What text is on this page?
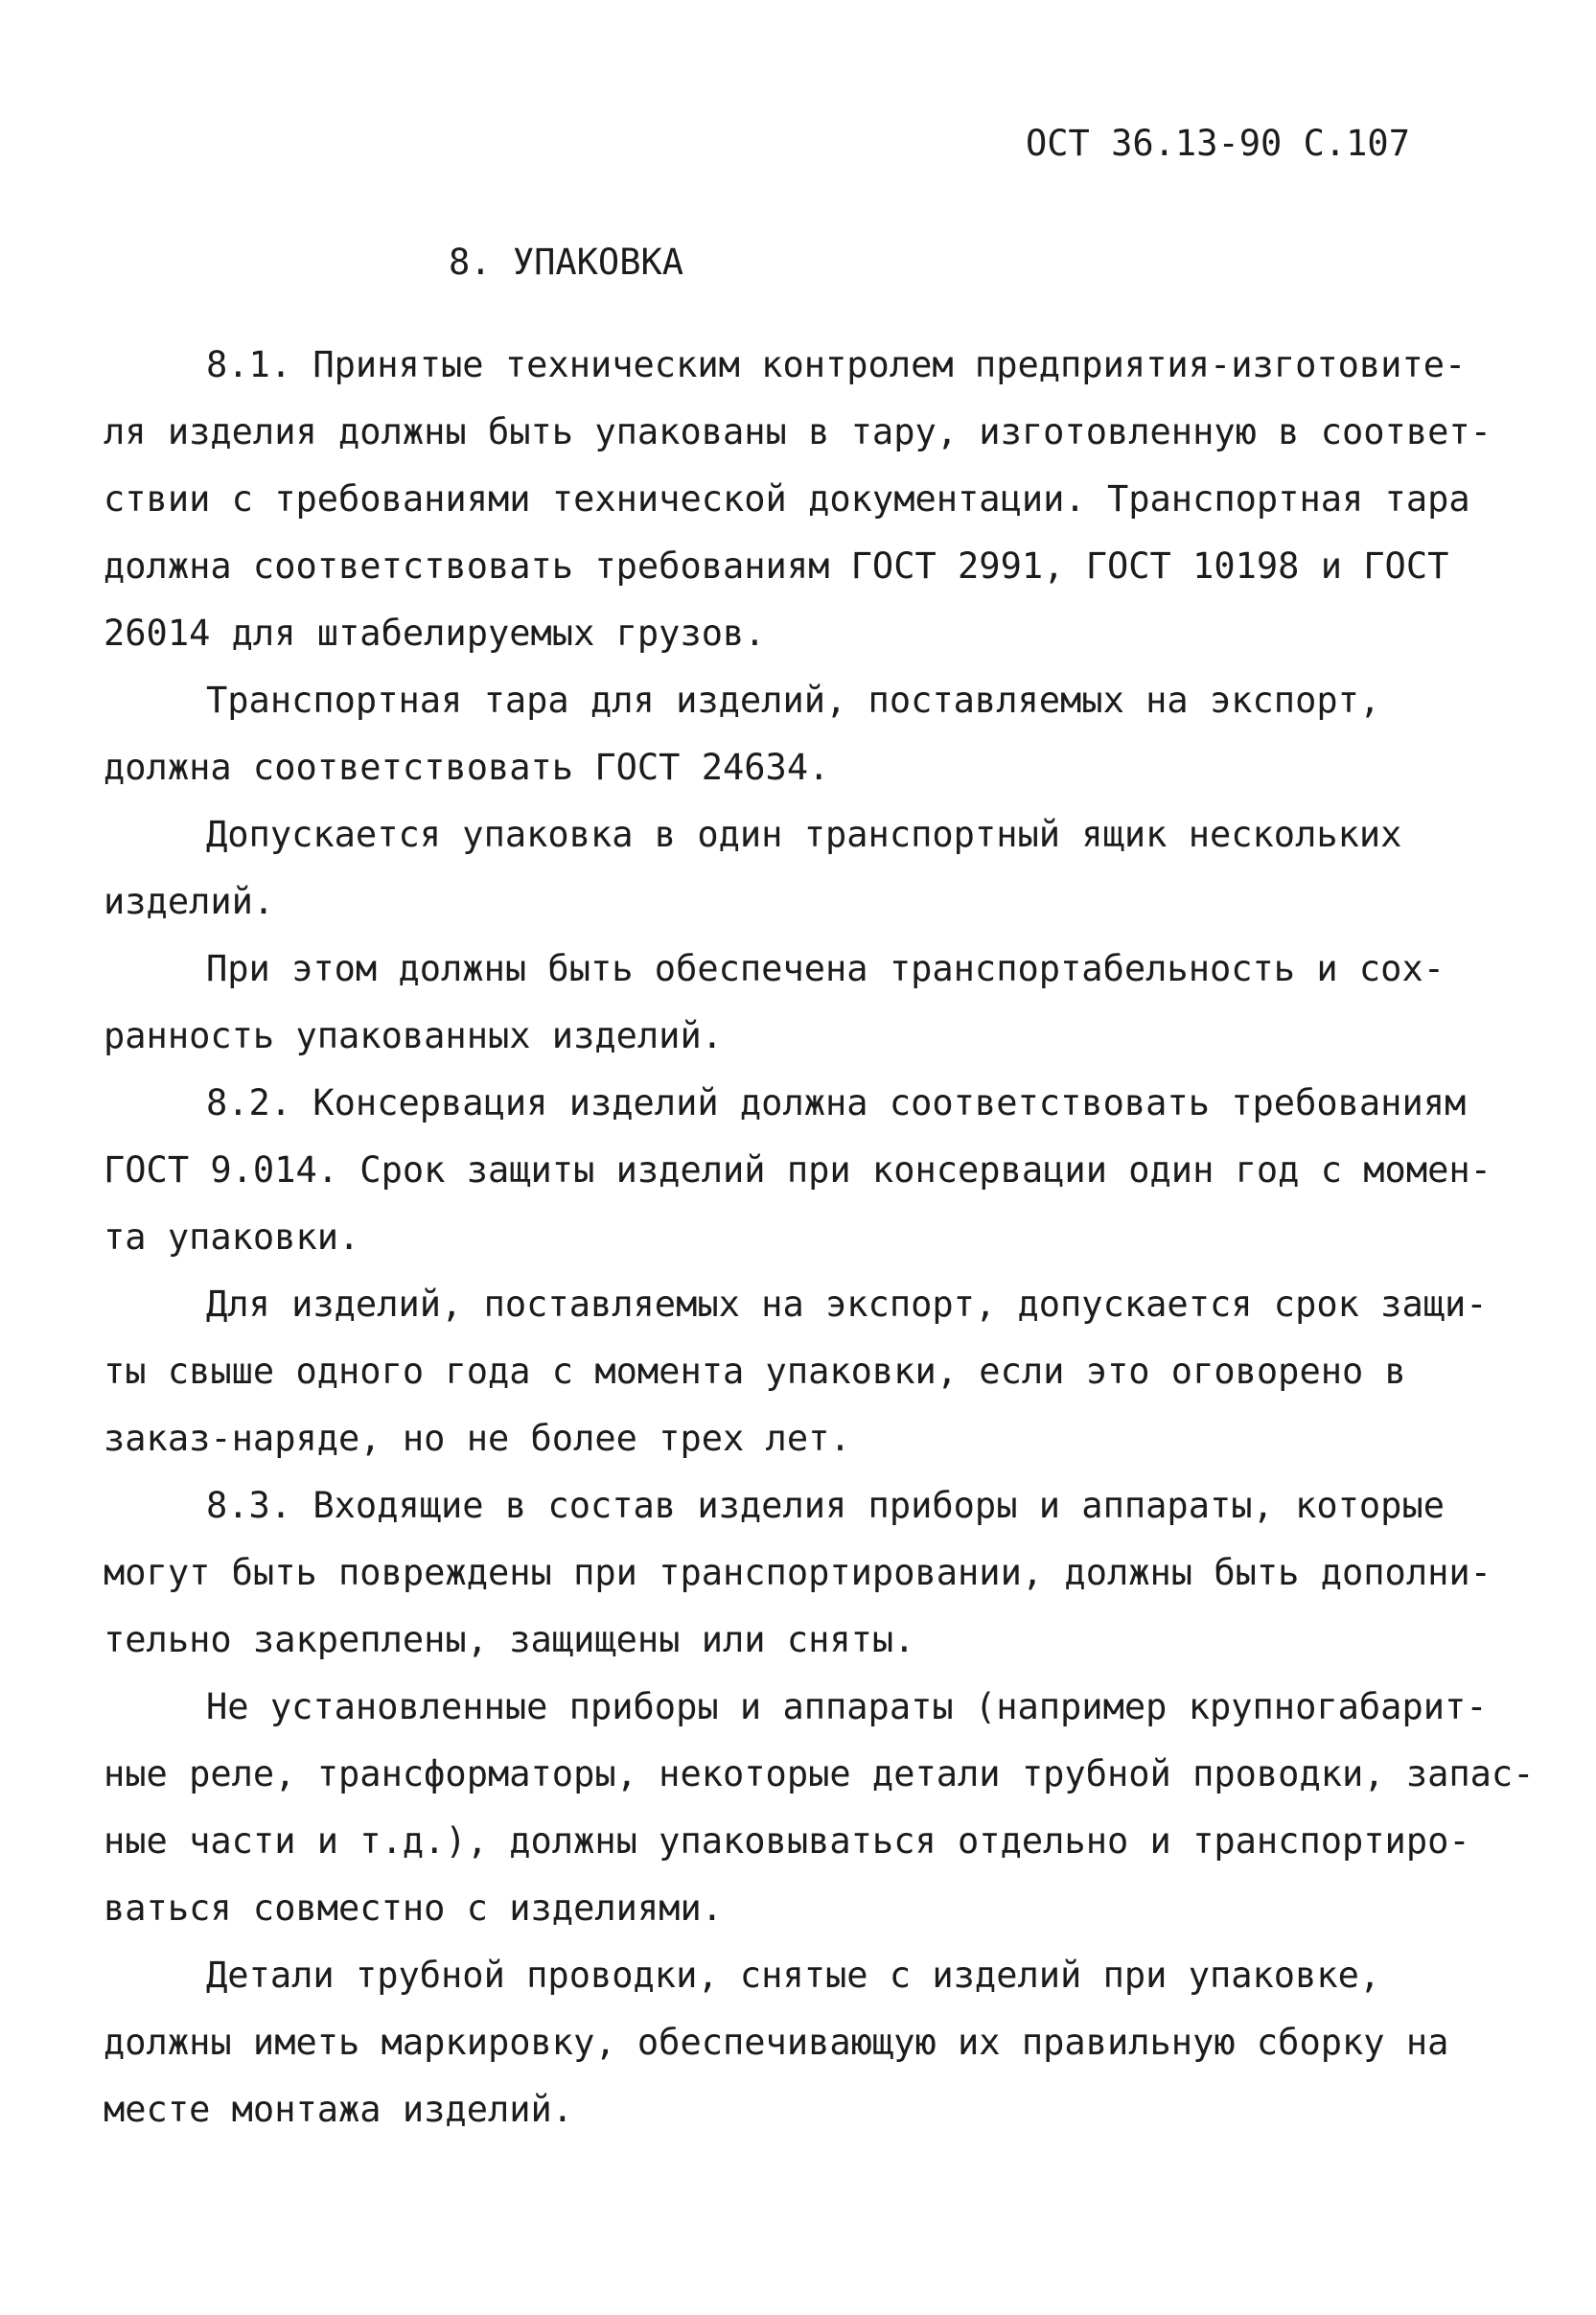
ОСТ 36.13-90 С.107
8. УПАКОВКА
8.1. Принятые техническим контролем предприятия-изготовите-
ля изделия должны быть упакованы в тару, изготовленную в соответ-
ствии с требованиями технической документации. Транспортная тара
должна соответствовать требованиям ГОСТ 2991, ГОСТ 10198 и ГОСТ
26014 для штабелируемых грузов.
Транспортная тара для изделий, поставляемых на экспорт,
должна соответствовать ГОСТ 24634.
Допускается упаковка в один транспортный ящик нескольких
изделий.
При этом должны быть обеспечена транспортабельность и сох-
ранность упакованных изделий.
8.2. Консервация изделий должна соответствовать требованиям
ГОСТ 9.014. Срок защиты изделий при консервации один год с момен-
та упаковки.
Для изделий, поставляемых на экспорт, допускается срок защи-
ты свыше одного года с момента упаковки, если это оговорено в
заказ-наряде, но не более трех лет.
8.3. Входящие в состав изделия приборы и аппараты, которые
могут быть повреждены при транспортировании, должны быть дополни-
тельно закреплены, защищены или сняты.
Не установленные приборы и аппараты (например крупногабарит-
ные реле, трансформаторы, некоторые детали трубной проводки, запас-
ные части и т.д.), должны упаковываться отдельно и транспортиро-
ваться совместно с изделиями.
Детали трубной проводки, снятые с изделий при упаковке,
должны иметь маркировку, обеспечивающую их правильную сборку на
месте монтажа изделий.
